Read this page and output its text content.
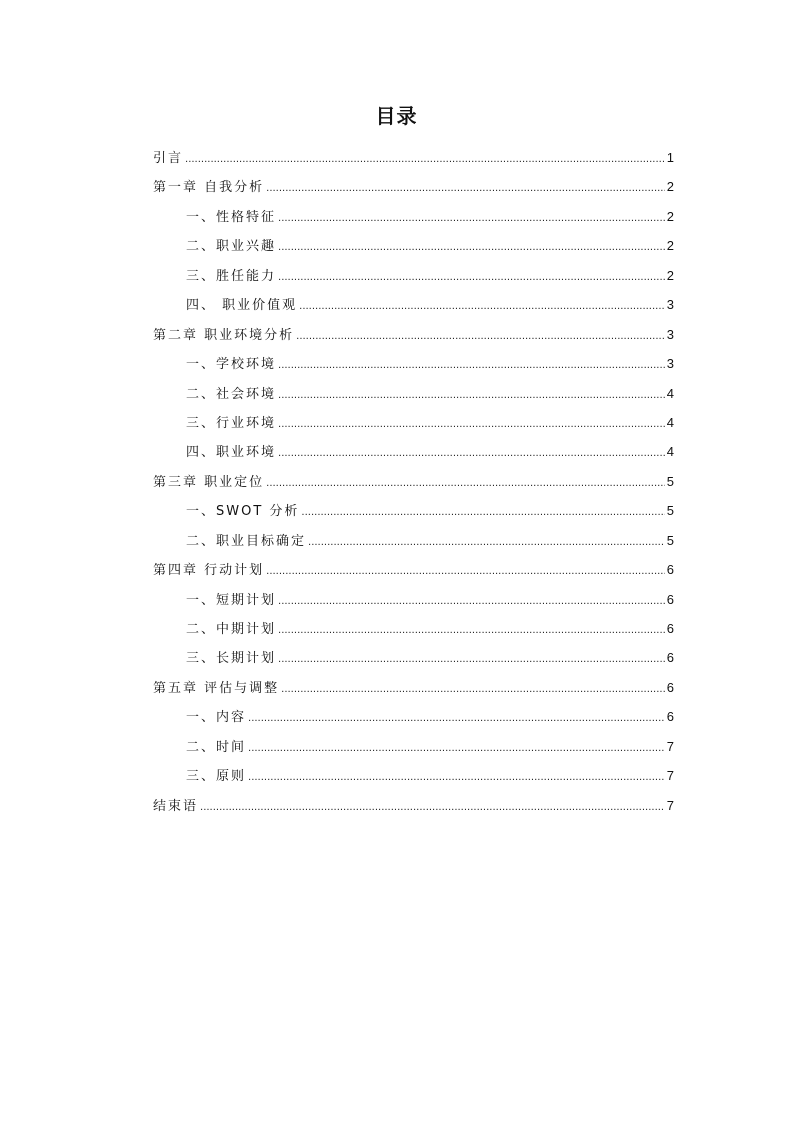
目录
引言 .....	1
第一章 自我分析 .....	2
一、性格特征 .....	2
二、职业兴趣 .....	2
三、胜任能力 .....	2
四、 职业价值观 .....	3
第二章 职业环境分析 .....	3
一、学校环境 .....	3
二、社会环境 .....	4
三、行业环境 .....	4
四、职业环境 .....	4
第三章 职业定位 .....	5
一、SWOT 分析 .....	5
二、职业目标确定 .....	5
第四章 行动计划 .....	6
一、短期计划 .....	6
二、中期计划 .....	6
三、长期计划 .....	6
第五章 评估与调整 .....	6
一、内容 .....	6
二、时间 .....	7
三、原则 .....	7
结束语 .....	7
